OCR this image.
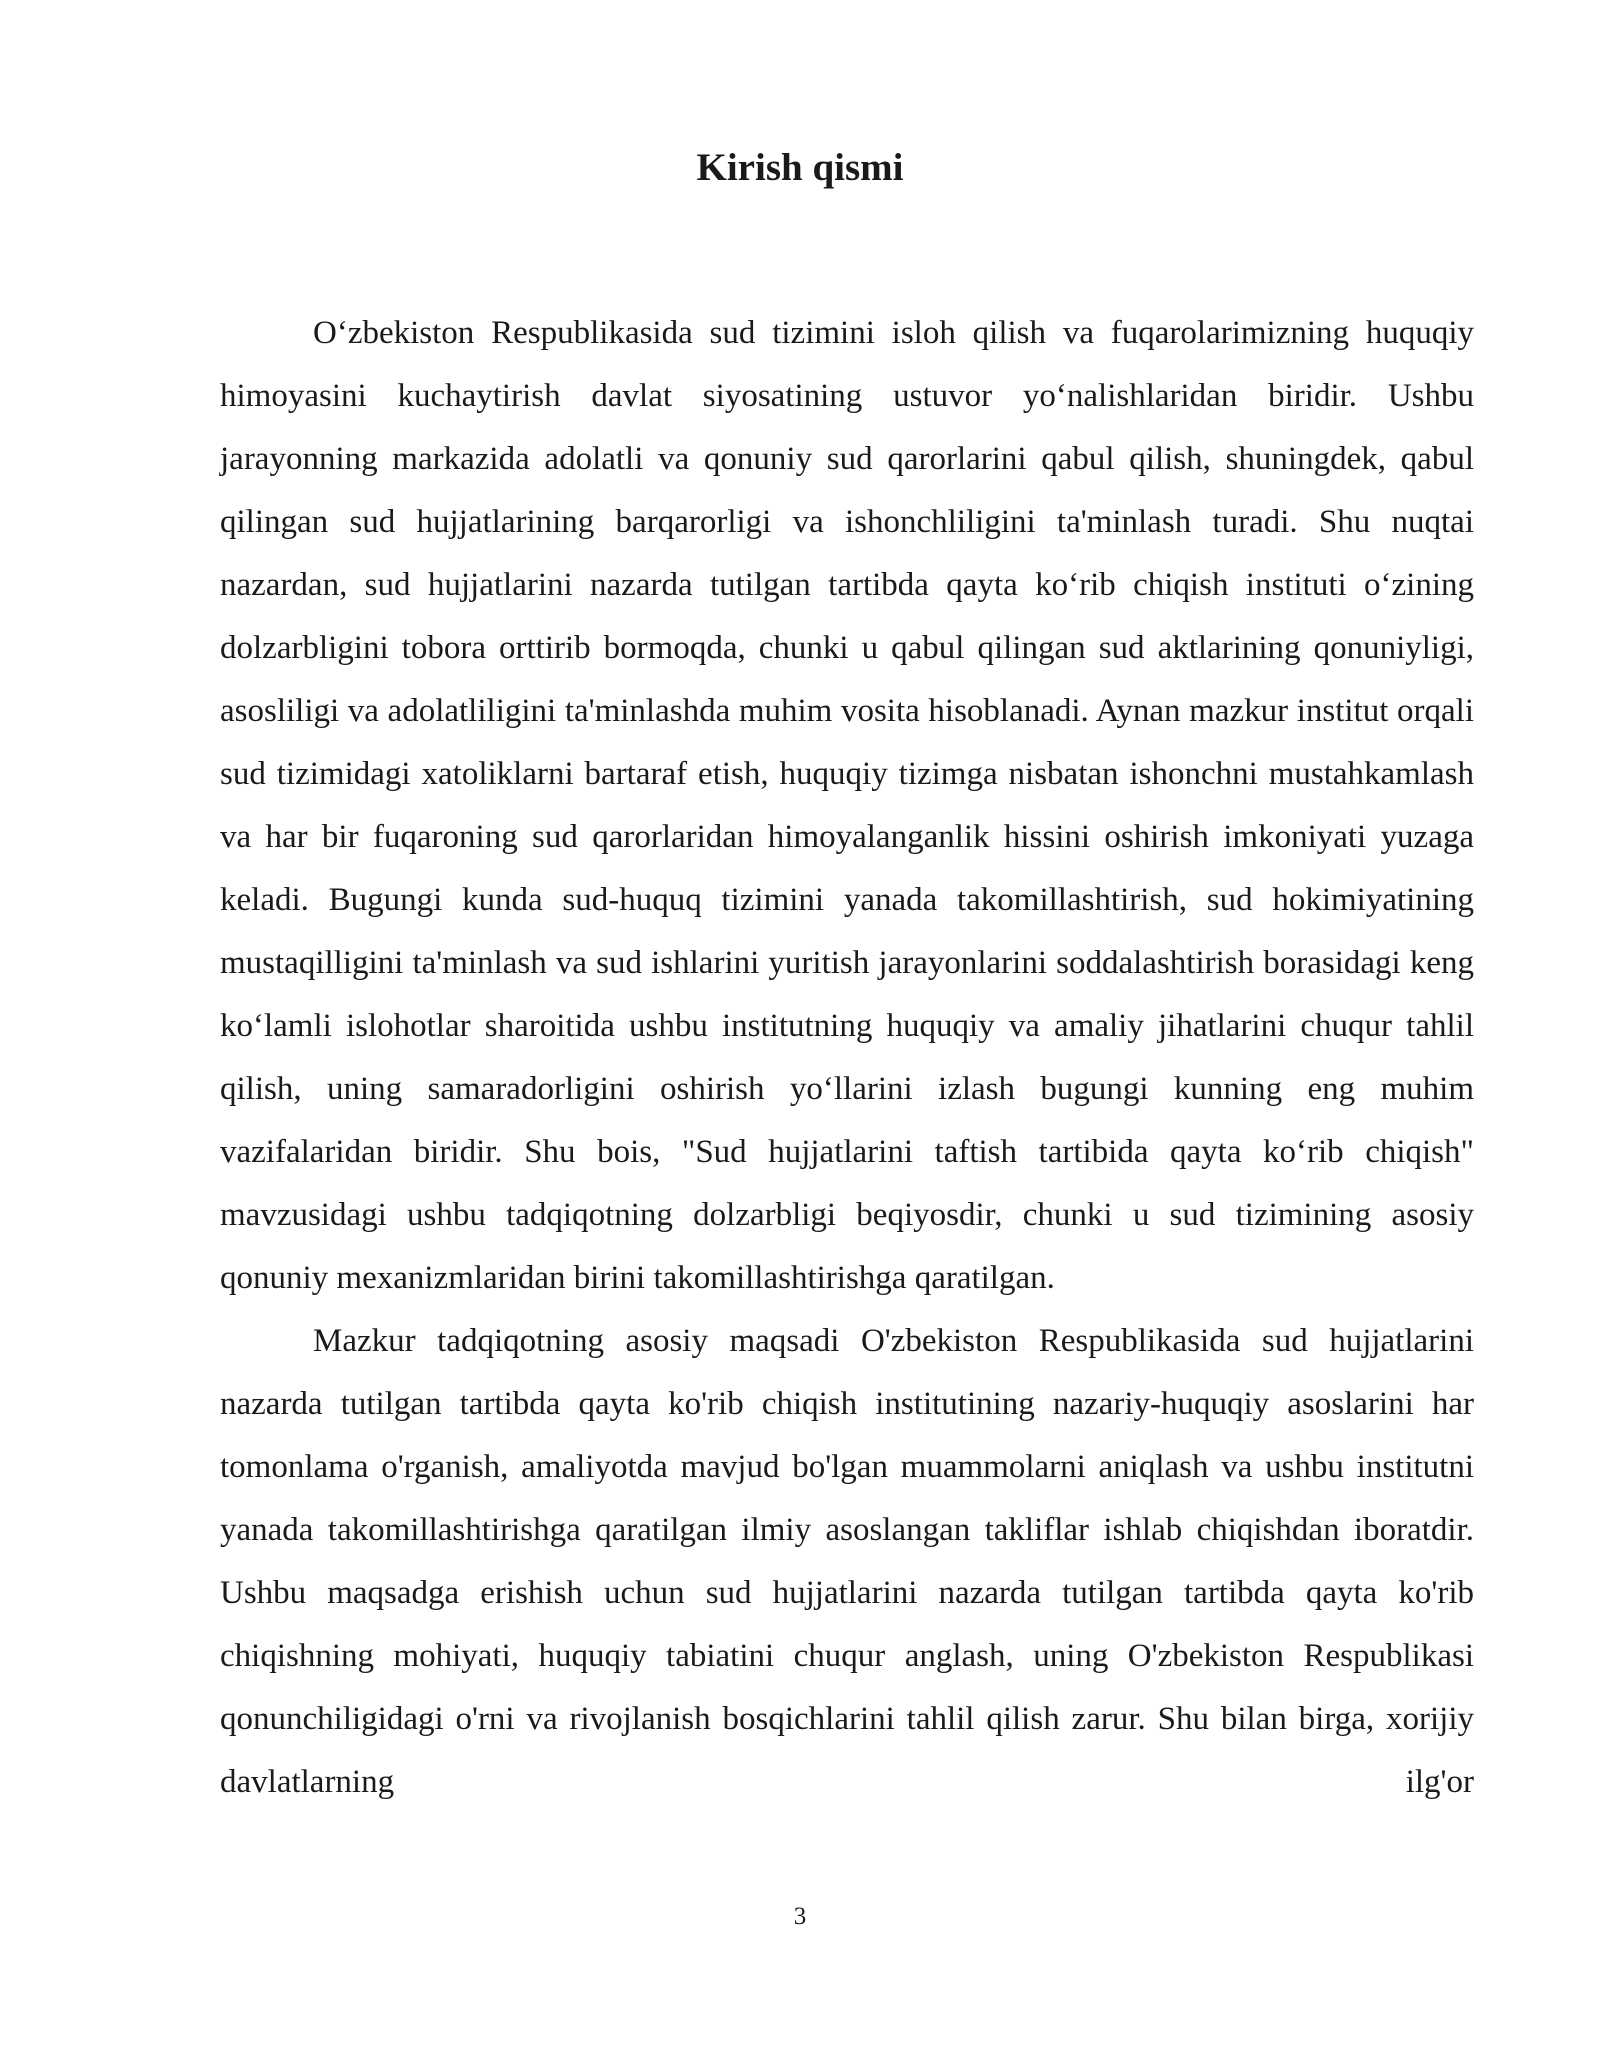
Kirish qismi

O‘zbekiston Respublikasida sud tizimini isloh qilish va fuqarolarimizning huquqiy himoyasini kuchaytirish davlat siyosatining ustuvor yo‘nalishlaridan biridir. Ushbu jarayonning markazida adolatli va qonuniy sud qarorlarini qabul qilish, shuningdek, qabul qilingan sud hujjatlarining barqarorligi va ishonchliligini ta'minlash turadi. Shu nuqtai nazardan, sud hujjatlarini nazarda tutilgan tartibda qayta ko‘rib chiqish instituti o‘zining dolzarbligini tobora orttirib bormoqda, chunki u qabul qilingan sud aktlarining qonuniyligi, asosliligi va adolatliligini ta'minlashda muhim vosita hisoblanadi. Aynan mazkur institut orqali sud tizimidagi xatoliklarni bartaraf etish, huquqiy tizimga nisbatan ishonchni mustahkamlash va har bir fuqaroning sud qarorlaridan himoyalanganlik hissini oshirish imkoniyati yuzaga keladi. Bugungi kunda sud-huquq tizimini yanada takomillashtirish, sud hokimiyatining mustaqilligini ta'minlash va sud ishlarini yuritish jarayonlarini soddalashtirish borasidagi keng ko‘lamli islohotlar sharoitida ushbu institutning huquqiy va amaliy jihatlarini chuqur tahlil qilish, uning samaradorligini oshirish yo‘llarini izlash bugungi kunning eng muhim vazifalaridan biridir. Shu bois, "Sud hujjatlarini taftish tartibida qayta ko‘rib chiqish" mavzusidagi ushbu tadqiqotning dolzarbligi beqiyosdir, chunki u sud tizimining asosiy qonuniy mexanizmlaridan birini takomillashtirishga qaratilgan.

Mazkur tadqiqotning asosiy maqsadi O'zbekiston Respublikasida sud hujjatlarini nazarda tutilgan tartibda qayta ko'rib chiqish institutining nazariy-huquqiy asoslarini har tomonlama o'rganish, amaliyotda mavjud bo'lgan muammolarni aniqlash va ushbu institutni yanada takomillashtirishga qaratilgan ilmiy asoslangan takliflar ishlab chiqishdan iboratdir. Ushbu maqsadga erishish uchun sud hujjatlarini nazarda tutilgan tartibda qayta ko'rib chiqishning mohiyati, huquqiy tabiatini chuqur anglash, uning O'zbekiston Respublikasi qonunchiligidagi o'rni va rivojlanish bosqichlarini tahlil qilish zarur. Shu bilan birga, xorijiy davlatlarning ilg'or

3
